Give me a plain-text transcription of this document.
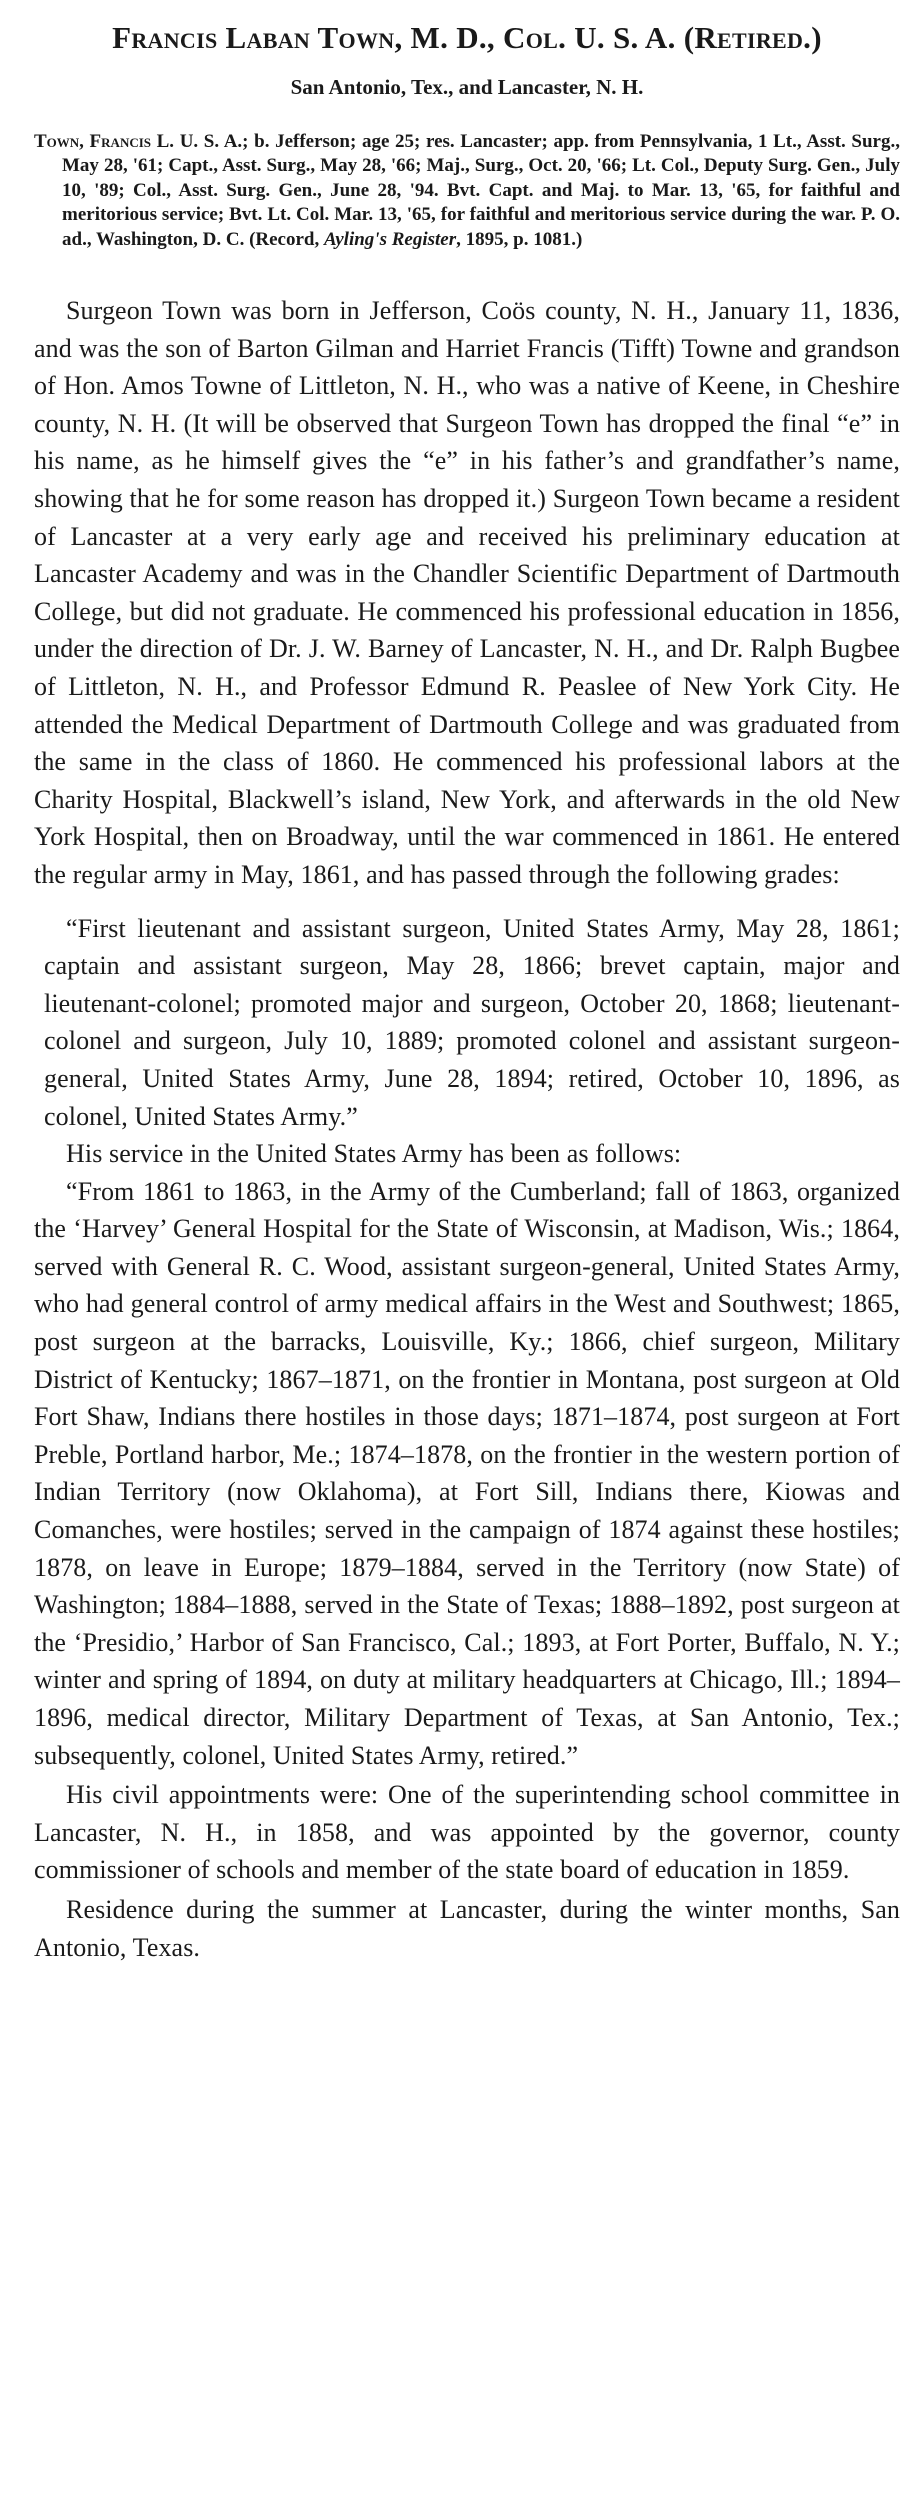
Francis Laban Town, M. D., Col. U. S. A. (Retired.)
San Antonio, Tex., and Lancaster, N. H.
Town, Francis L. U. S. A.; b. Jefferson; age 25; res. Lancaster; app. from Pennsylvania, 1 Lt., Asst. Surg., May 28, '61; Capt., Asst. Surg., May 28, '66; Maj., Surg., Oct. 20, '66; Lt. Col., Deputy Surg. Gen., July 10, '89; Col., Asst. Surg. Gen., June 28, '94. Bvt. Capt. and Maj. to Mar. 13, '65, for faithful and meritorious service; Bvt. Lt. Col. Mar. 13, '65, for faithful and meritorious service during the war. P. O. ad., Washington, D. C. (Record, Ayling's Register, 1895, p. 1081.)

Surgeon Town was born in Jefferson, Coös county, N. H., January 11, 1836, and was the son of Barton Gilman and Harriet Francis (Tifft) Towne and grandson of Hon. Amos Towne of Littleton, N. H., who was a native of Keene, in Cheshire county, N. H. (It will be observed that Surgeon Town has dropped the final “e” in his name, as he himself gives the “e” in his father’s and grandfather’s name, showing that he for some reason has dropped it.) Surgeon Town became a resident of Lancaster at a very early age and received his preliminary education at Lancaster Academy and was in the Chandler Scientific Department of Dartmouth College, but did not graduate. He commenced his professional education in 1856, under the direction of Dr. J. W. Barney of Lancaster, N. H., and Dr. Ralph Bugbee of Littleton, N. H., and Professor Edmund R. Peaslee of New York City. He attended the Medical Department of Dartmouth College and was graduated from the same in the class of 1860. He commenced his professional labors at the Charity Hospital, Blackwell’s island, New York, and afterwards in the old New York Hospital, then on Broadway, until the war commenced in 1861. He entered the regular army in May, 1861, and has passed through the following grades:

“First lieutenant and assistant surgeon, United States Army, May 28, 1861; captain and assistant surgeon, May 28, 1866; brevet captain, major and lieutenant-colonel; promoted major and surgeon, October 20, 1868; lieutenant-colonel and surgeon, July 10, 1889; promoted colonel and assistant surgeon-general, United States Army, June 28, 1894; retired, October 10, 1896, as colonel, United States Army.”

His service in the United States Army has been as follows:

“From 1861 to 1863, in the Army of the Cumberland; fall of 1863, organized the ‘Harvey’ General Hospital for the State of Wisconsin, at Madison, Wis.; 1864, served with General R. C. Wood, assistant surgeon-general, United States Army, who had general control of army medical affairs in the West and Southwest; 1865, post surgeon at the barracks, Louisville, Ky.; 1866, chief surgeon, Military District of Kentucky; 1867–1871, on the frontier in Montana, post surgeon at Old Fort Shaw, Indians there hostiles in those days; 1871–1874, post surgeon at Fort Preble, Portland harbor, Me.; 1874–1878, on the frontier in the western portion of Indian Territory (now Oklahoma), at Fort Sill, Indians there, Kiowas and Comanches, were hostiles; served in the campaign of 1874 against these hostiles; 1878, on leave in Europe; 1879–1884, served in the Territory (now State) of Washington; 1884–1888, served in the State of Texas; 1888–1892, post surgeon at the ‘Presidio,’ Harbor of San Francisco, Cal.; 1893, at Fort Porter, Buffalo, N. Y.; winter and spring of 1894, on duty at military headquarters at Chicago, Ill.; 1894–1896, medical director, Military Department of Texas, at San Antonio, Tex.; subsequently, colonel, United States Army, retired.”

His civil appointments were: One of the superintending school committee in Lancaster, N. H., in 1858, and was appointed by the governor, county commissioner of schools and member of the state board of education in 1859.

Residence during the summer at Lancaster, during the winter months, San Antonio, Texas.
